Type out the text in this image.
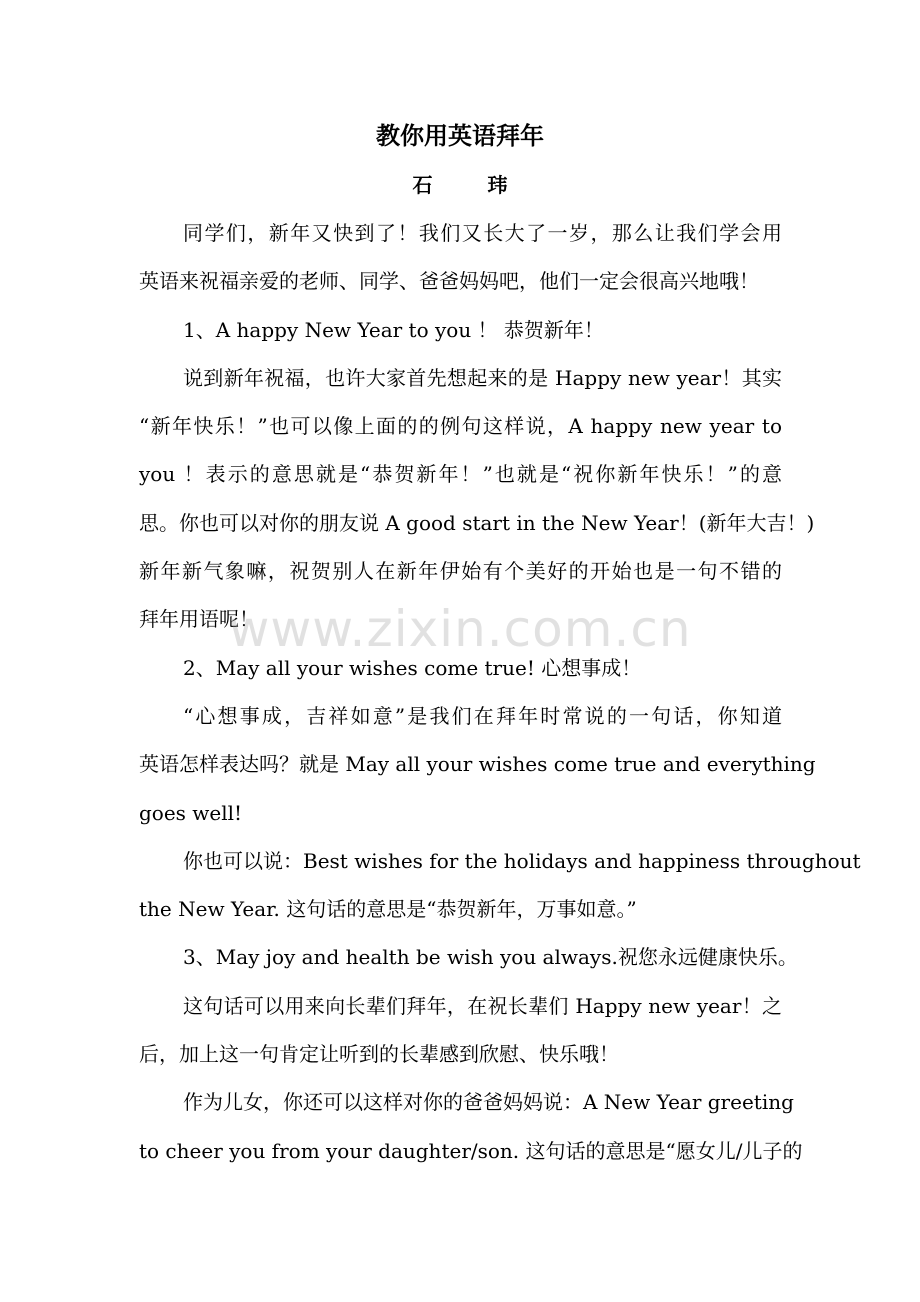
教你用英语拜年
石 玮
同学们，新年又快到了！我们又长大了一岁，那么让我们学会用
英语来祝福亲爱的老师、同学、爸爸妈妈吧，他们一定会很高兴地哦！
1、A happy New Year to you ！ 恭贺新年！
说到新年祝福，也许大家首先想起来的是 Happy new year！其实
“新年快乐！”也可以像上面的的例句这样说，A happy new year to
you ！表示的意思就是“恭贺新年！”也就是“祝你新年快乐！”的意
思。你也可以对你的朋友说 A good start in the New Year！(新年大吉！)
新年新气象嘛，祝贺别人在新年伊始有个美好的开始也是一句不错的
拜年用语呢！
2、May all your wishes come true! 心想事成！
“心想事成，吉祥如意”是我们在拜年时常说的一句话，你知道
英语怎样表达吗？就是 May all your wishes come true and everything
goes well!
你也可以说：Best wishes for the holidays and happiness throughout
the New Year. 这句话的意思是“恭贺新年，万事如意。”
3、May joy and health be wish you always.祝您永远健康快乐。
这句话可以用来向长辈们拜年，在祝长辈们 Happy new year！之
后，加上这一句肯定让听到的长辈感到欣慰、快乐哦！
作为儿女，你还可以这样对你的爸爸妈妈说：A New Year greeting
to cheer you from your daughter/son. 这句话的意思是“愿女儿/儿子的
www.zixin.com.cn
